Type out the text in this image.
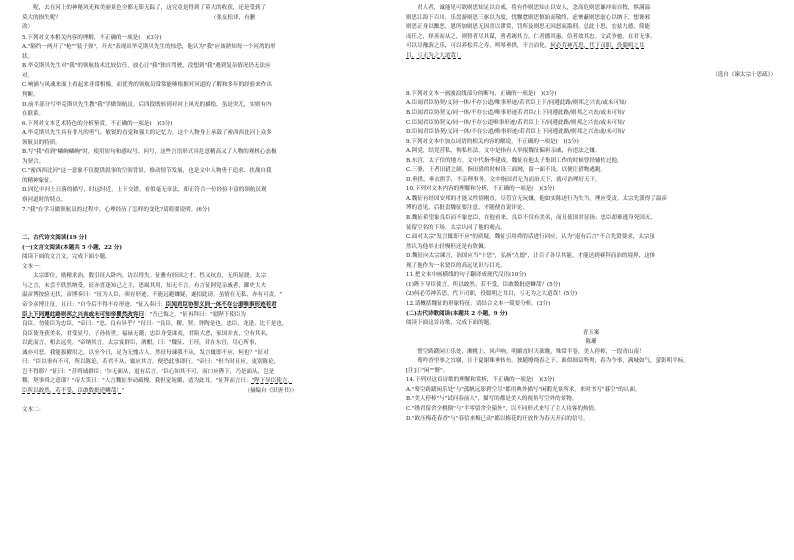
　　呢，去在河上的神秘风光和美丽景色全都无影无踪了，这究竟是得到了莫大的收获，还是受到了

莫大的损失呢？	（张友松译，有删

改）

5.下列对文本相关内容的理解，不正确的一项是(　)(3分)

A."隔约一两开了"枪""装子弹"，开火"表现出毕克斯贝先生的惊恐，他认为"我"应该熟知每一个河湾的形

状。

B.毕克斯贝先生对"我"的领航技术比较信任，放心让"我"独自驾驶，没想到"我"遇到复杂情况仍无法应

对。

C.响铺与风魂来面上看起来非常相像，而优秀的领航员常常能够根据对河道的了解和多年的经验来作出

判断。

D.前半部分写毕克斯贝先生教"我"学做领航员，后四段既转到对河上风光的描绘，虽是突兀，实则有内

在联系。

6.下列对文本艺术特色的分析鉴赏，不正确的一项是(　)(3分)

A.毕克斯贝先生具有非凡的勇气、敏锐的直觉和强大的记忆力，这个人物身上承载了密西西比河上众多

领航员的特质。

B.写"我"看到"嶙峋嶙峋"时，使用短句和感叹号、问号，这些言语形式具危意精高又了人物的观机心态极

为契合。

C."密西西比河"这一意象不仅提供叙事的空间背景，推动情节发展，也是文中人物勇于追求、扶战自我

的精神象征。

D.回忆中河上日落的描写，时远时近，上下交错，看似毫无章法，却正符合一位经验丰富的领航员观

察河道时的特点。

7."我"在学习做领航员的过程中，心理经历了怎样的变化?请简要说明。(6分)

二、古代诗文阅读[19 分]

(一)文言文阅读(本题共 5 小题，22 分)

阅读下面的文言文，完成下面小题。

文本一：

　　太宗即位，励精求治，数引征入卧内，访以得失。征雅有经国之才，性又抗直，无所屈挠。太宗

与之言，未尝不欣然纳受。征亦喜逢知己之主，思竭其用，知无不言。有言征阿党亲戚者，御史大夫

温彦博按验无状，彦博奏曰："征为人臣，须存形迹，不能远避嫌疑，遂招此谤。虽情在无私，亦有可责。"

帝令彦博让征，且曰："自今后不得不存形迹。"征入奏曰：臣闻君臣协契义同一体不存公道唯事形迹若君

臣上下同遵此路则邦之兴丧或未可知帝瞿然改容曰："吾已悔之。"征再拜曰："愿陛下使臣为

良臣，勿使臣为忠臣。"帝曰："忠、良有异乎？"征曰："良臣，稷、契、咎陶是也。忠臣，龙逢、比干是也。

良臣使身获美名，君受显号，子孙传世，福禄无疆；忠臣身受诛夷，君陷大恶，家国并丧，空有其名。

以此而言，相去远矣。"帝纳其言。太宗宴群臣，酒酣，曰："魏征、王珪，昔在东宫，尽心所事，

诚亦可恶。我能拔擢用之，以至今日，足为无愧古人。然征每谏我不从，发言辄即不应，何也？"征对

曰："臣以事有不可，所以陈论，若君不从，辄应其言，便恐此事即行。"帝曰："但当时且应，更别陈论，

岂不得耶？"征曰："昔舜诫群臣：'尔无面从，退有后言。'臣心知其不可，而口应陛下，乃是面从，岂是

稷、契事舜之意耶？"帝大笑曰："人言魏征举动疏慢，我但觉妩媚，适为此耳。"征拜而言曰："陛下导臣使言，

臣所以敢然，若不受，臣敢数批逆鳞哉！"	（摘编自《旧唐书》）

文本二：

　　君人者，诚能见可欲则思知足以自戒，将有作则思知止以安人，念高危则思谦冲而自牧，惧满溢

则思江海下百川，乐盘游则思三驱以为度，忧懈怠则思慎始而敬终，虑壅蔽则思虚心以纳下，想谗邪

则思正身以黜恶，恩所加则思无因喜以谬赏，罚所及则思无因怒而滥刑。总此十思，宏兹九德，简能

而任之，择善而从之，则智者尽其谋，勇者竭其力，仁者播其惠，信者效其忠。文武争驰，在君无事，

可以尽豫游之乐，可以养松乔之寿，鸣琴垂拱，不言而化。何必劳神苦思，代下司职，役聪明之耳

目，亏无为之大道哉！

（选自《谏太宗十思疏》）

8.下列对文本一画波浪线部分的断句，正确的一项是(　)(3分)

A.臣闻君臣协契/义同一体/不存公道/唯事形迹/若君臣上下/同遵此路/则邦之兴丧/或未可知/

B.臣闻君臣协契义/同一体/不存公道/唯事形迹若君臣/上下同遵此路/则邦之兴丧/或未可知/

C.臣闻君臣协契义/同一体/不存公道唯事形迹/若君臣上下/同遵此路/则邦之兴丧/或未可知/

D.臣闻君臣协契/义同一体/不存公道/唯事形迹/若君臣上下同遵此路/则邦之兴丧或/未可知/

9.下列对文本中加点词语的相关内容的解说，不正确的一项是(　)(3分)

A.阿党，结党营私，徇私枉法。文中是指有人举报魏征偏袒亲戚，有违法之嫌。

B.东宫，太子住的地方。文中代指李建成，魏征在他太子集团工作的时候曾经辅佐过他。

C.三驱，王者田猎之制。指田猎的时候设三面网，留一面不设，以便让猎物逃跑。

D.垂拱，垂衣拱手，不亲理事务。文中指国君无为而治天下，就可治理好天下。

10.下列对文本内容的理解和分析，不正确的一项是(　)(3分)

A.魏征有经国安邦的才能又性情刚直，尽管宣无玩嫌，他如实陈述行为失当，理应受责。太宗先派得了温彦

博的意见，后批责魏征要注意，才随便直说评论。

B.魏征希望象良臣而不象忠臣，在他看来，良臣不仅有美名，而且使国君显扬；忠臣却难逃身死国灭、

徒留空名的下场。太宗认同了他的观点。

C.面对太宗"发言辄即不应"的质疑，魏征引用舜的话进行回应，认为"退有后言"不合先贤要求，太宗虽

然认为他举止轻慢但还是有欣佩。

D.魏征向太宗谏言，治国应当"十思"，弘扬"九德"，让百子各尽其能，才能达到赛拜而治的境界，这体

现了他作为一名贤臣的高远见识与目光。

11.把文本中画横线的句子翻译成现代汉语(10分)

(1)陛下导臣使言，所以敢然；若不受，臣敢数批逆鳞哉？(5分)

(2)何必劳神苦思，代下司职，役聪明之耳目，亏无为之大道哉！(5分)

12.请概括魏征的形象特征。请结合文本一简要分析。(3分)

(二)古代诗歌阅读(本题共 2 小题，9 分)

阅读下面这首诗歌，完成下面的题。

青玉案

陈瓘

　　譬空踌躇闲①乐处，湘桃上、风声响。明媚直时天欲晚，殊常半卷，美人停棹，一段青山南！

　　蓦吟香里事之宜谢，且于夏谢珠垂转鱼。独随缭绕春之下。谁似细谙鸳鸯，春为今事，满城如气，萤影明半标。

[注]①"闲""野"。

14.下列对这首诗歌的理解和赏析，不正确的一项是(　)(3分)

A."蓦空踌躇闲乐处"与"孤帆远影碧空尽"都用典外描写"闲暇光景所求，来时书写"暮空"的认面。

B."美人停棹"与"试问春前人"，描写的都是美人的视角写空外的景物。

C."绣君留舍全棋倒"与"半零留舍全猿外"，以不同形式来写了主人待客的热情。

D."欧压梅花春香"与"春信来梅已动"都以梅花的开放作为春天开启的信号。
